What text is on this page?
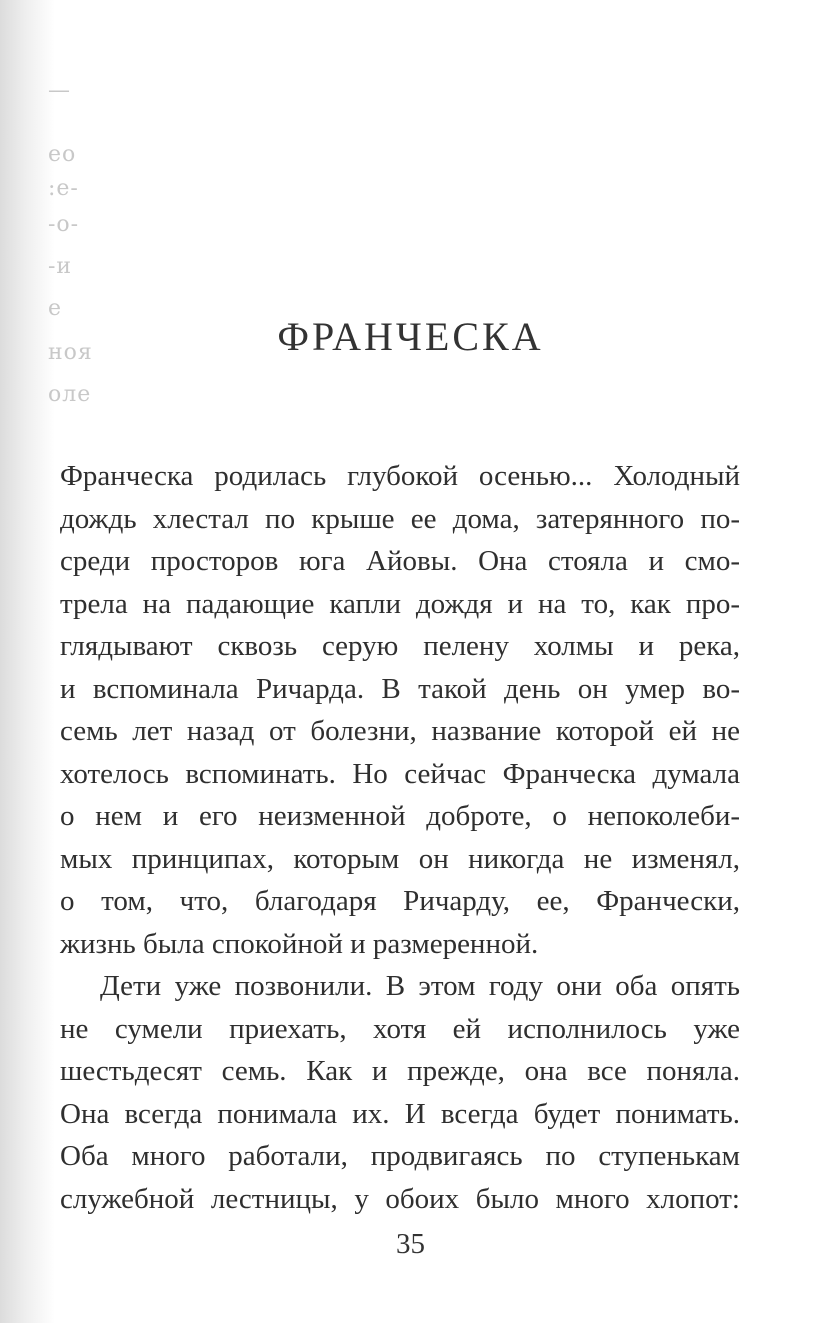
—
ео
:е-
-о-
-и
е
ноя
оле
ФРАНЧЕСКА
Франческа родилась глубокой осенью... Холодный
дождь хлестал по крыше ее дома, затерянного по-
среди просторов юга Айовы. Она стояла и смо-
трела на падающие капли дождя и на то, как про-
глядывают сквозь серую пелену холмы и река,
и вспоминала Ричарда. В такой день он умер во-
семь лет назад от болезни, название которой ей не
хотелось вспоминать. Но сейчас Франческа думала
о нем и его неизменной доброте, о непоколеби-
мых принципах, которым он никогда не изменял,
о том, что, благодаря Ричарду, ее, Франчески,
жизнь была спокойной и размеренной.
Дети уже позвонили. В этом году они оба опять
не сумели приехать, хотя ей исполнилось уже
шестьдесят семь. Как и прежде, она все поняла.
Она всегда понимала их. И всегда будет понимать.
Оба много работали, продвигаясь по ступенькам
служебной лестницы, у обоих было много хлопот:
35
